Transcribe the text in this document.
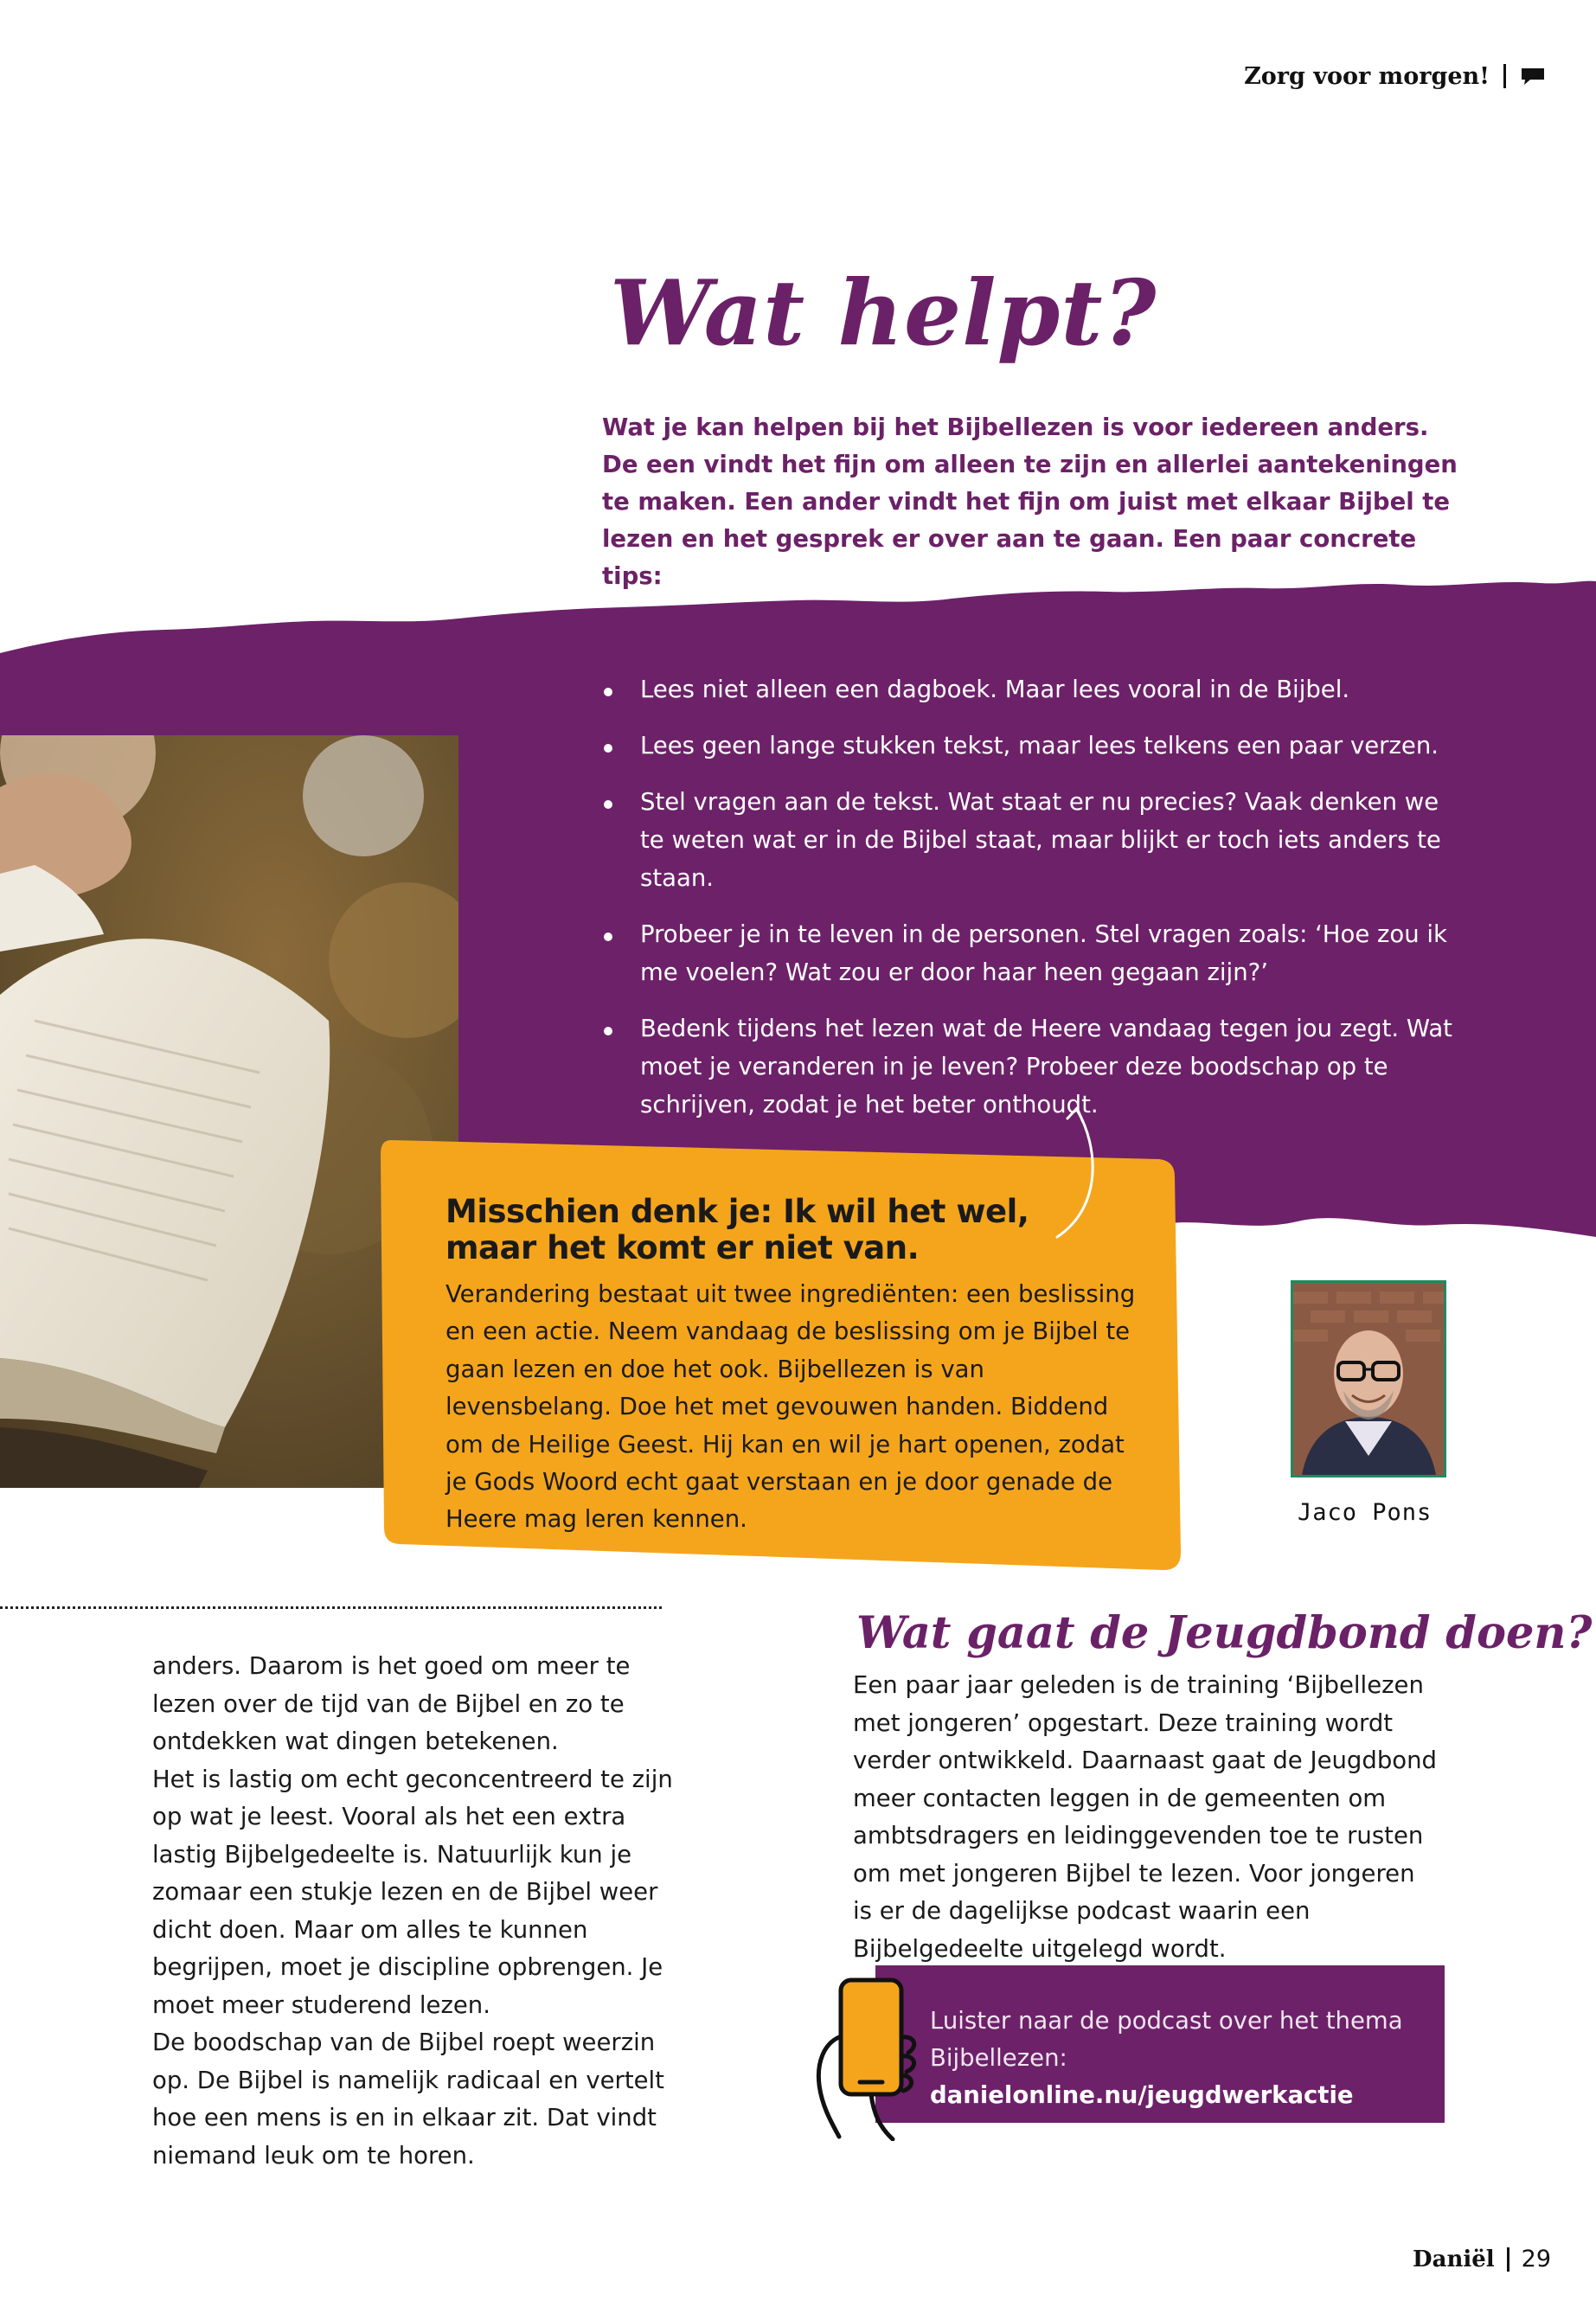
Zorg voor morgen!
Wat helpt?
Wat je kan helpen bij het Bijbellezen is voor iedereen anders. De een vindt het fijn om alleen te zijn en allerlei aantekeningen te maken. Een ander vindt het fijn om juist met elkaar Bijbel te lezen en het gesprek er over aan te gaan. Een paar concrete tips:
Lees niet alleen een dagboek. Maar lees vooral in de Bijbel.
Lees geen lange stukken tekst, maar lees telkens een paar verzen.
Stel vragen aan de tekst. Wat staat er nu precies? Vaak denken we te weten wat er in de Bijbel staat, maar blijkt er toch iets anders te staan.
Probeer je in te leven in de personen. Stel vragen zoals: ‘Hoe zou ik me voelen? Wat zou er door haar heen gegaan zijn?’
Bedenk tijdens het lezen wat de Heere vandaag tegen jou zegt. Wat moet je veranderen in je leven? Probeer deze boodschap op te schrijven, zodat je het beter onthoudt.
Misschien denk je: Ik wil het wel,
maar het komt er niet van.
Verandering bestaat uit twee ingrediënten: een beslissing en een actie. Neem vandaag de beslissing om je Bijbel te gaan lezen en doe het ook. Bijbellezen is van levensbelang. Doe het met gevouwen handen. Biddend om de Heilige Geest. Hij kan en wil je hart openen, zodat je Gods Woord echt gaat verstaan en je door genade de Heere mag leren kennen.	Jaco Pons

anders. Daarom is het goed om meer te lezen over de tijd van de Bijbel en zo te ontdekken wat dingen betekenen.

Het is lastig om echt geconcentreerd te zijn op wat je leest. Vooral als het een extra lastig Bijbelgedeelte is. Natuurlijk kun je zomaar een stukje lezen en de Bijbel weer dicht doen. Maar om alles te kunnen begrijpen, moet je discipline opbrengen. Je moet meer studerend lezen.

De boodschap van de Bijbel roept weerzin op. De Bijbel is namelijk radicaal en vertelt hoe een mens is en in elkaar zit. Dat vindt niemand leuk om te horen.

Wat gaat de Jeugdbond doen?
Een paar jaar geleden is de training ‘Bijbellezen met jongeren’ opgestart. Deze training wordt verder ontwikkeld. Daarnaast gaat de Jeugdbond meer contacten leggen in de gemeenten om ambtsdragers en leidinggevenden toe te rusten om met jongeren Bijbel te lezen. Voor jongeren is er de dagelijkse podcast waarin een Bijbelgedeelte uitgelegd wordt.
Luister naar de podcast over het thema
Bijbellezen: danielonline.nu/jeugdwerkactie
Daniël 29
